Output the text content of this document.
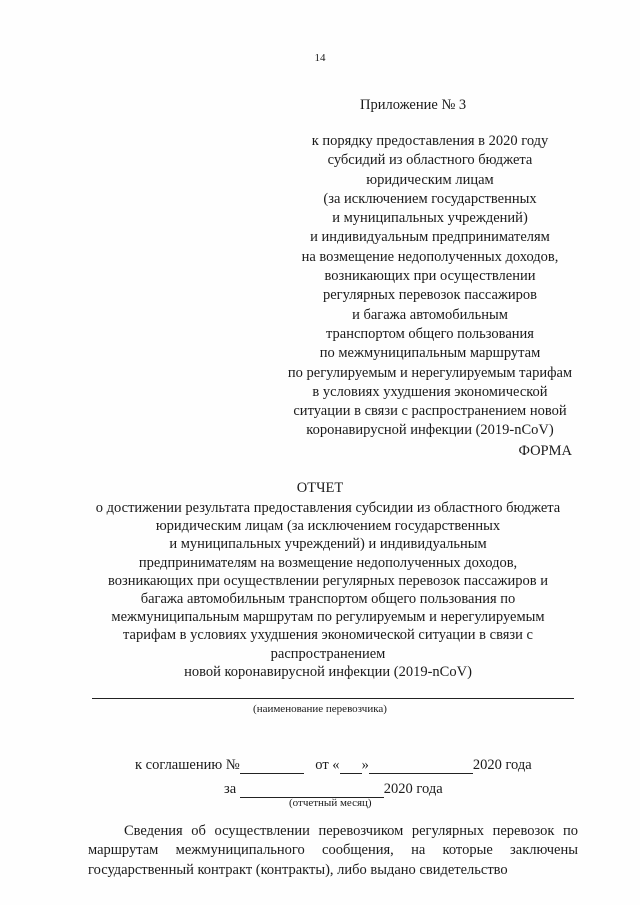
14
Приложение № 3
к порядку предоставления в 2020 году
субсидий из областного бюджета
юридическим лицам
(за исключением государственных
и муниципальных учреждений)
и индивидуальным предпринимателям
на возмещение недополученных доходов,
возникающих при осуществлении
регулярных перевозок пассажиров
и багажа автомобильным
транспортом общего пользования
по межмуниципальным маршрутам
по регулируемым и нерегулируемым тарифам
в условиях ухудшения экономической
ситуации в связи с распространением новой
коронавирусной инфекции (2019-nCoV)
ФОРМА
ОТЧЕТ
о достижении результата предоставления субсидии из областного бюджета
юридическим лицам (за исключением государственных
и муниципальных учреждений) и индивидуальным
предпринимателям на возмещение недополученных доходов,
возникающих при осуществлении регулярных перевозок пассажиров и
багажа автомобильным транспортом общего пользования по
межмуниципальным маршрутам по регулируемым и нерегулируемым
тарифам в условиях ухудшения экономической ситуации в связи с
распространением
новой коронавирусной инфекции (2019-nCoV)
(наименование перевозчика)
к соглашению №	от « »	2020 года
за	2020 года
(отчетный месяц)
Сведения об осуществлении перевозчиком регулярных перевозок по маршрутам межмуниципального сообщения, на которые заключены государственный контракт (контракты), либо выдано свидетельство
